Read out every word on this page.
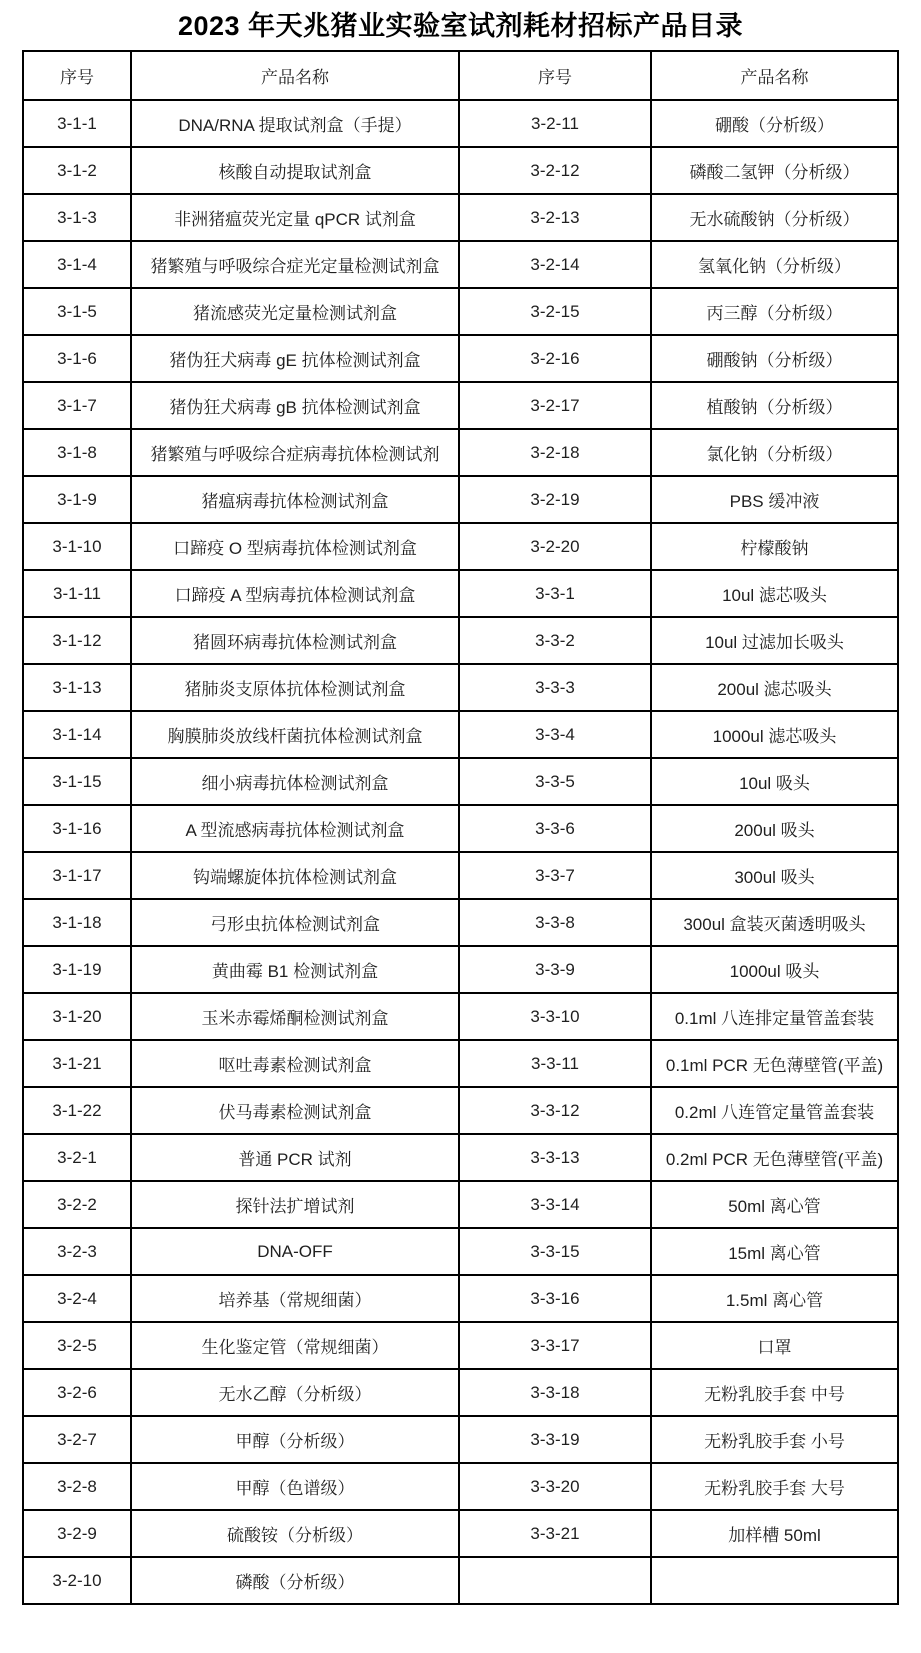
2023 年天兆猪业实验室试剂耗材招标产品目录
序号	产品名称	序号	产品名称
3-1-1	DNA/RNA 提取试剂盒（手提）	3-2-11	硼酸（分析级）
3-1-2	核酸自动提取试剂盒	3-2-12	磷酸二氢钾（分析级）
3-1-3	非洲猪瘟荧光定量 qPCR 试剂盒	3-2-13	无水硫酸钠（分析级）
3-1-4	猪繁殖与呼吸综合症光定量检测试剂盒	3-2-14	氢氧化钠（分析级）
3-1-5	猪流感荧光定量检测试剂盒	3-2-15	丙三醇（分析级）
3-1-6	猪伪狂犬病毒 gE 抗体检测试剂盒	3-2-16	硼酸钠（分析级）
3-1-7	猪伪狂犬病毒 gB 抗体检测试剂盒	3-2-17	植酸钠（分析级）
3-1-8	猪繁殖与呼吸综合症病毒抗体检测试剂	3-2-18	氯化钠（分析级）
3-1-9	猪瘟病毒抗体检测试剂盒	3-2-19	PBS 缓冲液
3-1-10	口蹄疫 O 型病毒抗体检测试剂盒	3-2-20	柠檬酸钠
3-1-11	口蹄疫 A 型病毒抗体检测试剂盒	3-3-1	10ul 滤芯吸头
3-1-12	猪圆环病毒抗体检测试剂盒	3-3-2	10ul 过滤加长吸头
3-1-13	猪肺炎支原体抗体检测试剂盒	3-3-3	200ul 滤芯吸头
3-1-14	胸膜肺炎放线杆菌抗体检测试剂盒	3-3-4	1000ul 滤芯吸头
3-1-15	细小病毒抗体检测试剂盒	3-3-5	10ul 吸头
3-1-16	A 型流感病毒抗体检测试剂盒	3-3-6	200ul 吸头
3-1-17	钩端螺旋体抗体检测试剂盒	3-3-7	300ul 吸头
3-1-18	弓形虫抗体检测试剂盒	3-3-8	300ul 盒装灭菌透明吸头
3-1-19	黄曲霉 B1 检测试剂盒	3-3-9	1000ul 吸头
3-1-20	玉米赤霉烯酮检测试剂盒	3-3-10	0.1ml 八连排定量管盖套装
3-1-21	呕吐毒素检测试剂盒	3-3-11	0.1ml PCR 无色薄壁管(平盖)
3-1-22	伏马毒素检测试剂盒	3-3-12	0.2ml 八连管定量管盖套装
3-2-1	普通 PCR 试剂	3-3-13	0.2ml PCR 无色薄壁管(平盖)
3-2-2	探针法扩增试剂	3-3-14	50ml 离心管
3-2-3	DNA-OFF	3-3-15	15ml 离心管
3-2-4	培养基（常规细菌）	3-3-16	1.5ml 离心管
3-2-5	生化鉴定管（常规细菌）	3-3-17	口罩
3-2-6	无水乙醇（分析级）	3-3-18	无粉乳胶手套 中号
3-2-7	甲醇（分析级）	3-3-19	无粉乳胶手套 小号
3-2-8	甲醇（色谱级）	3-3-20	无粉乳胶手套 大号
3-2-9	硫酸铵（分析级）	3-3-21	加样槽 50ml
3-2-10	磷酸（分析级）		
